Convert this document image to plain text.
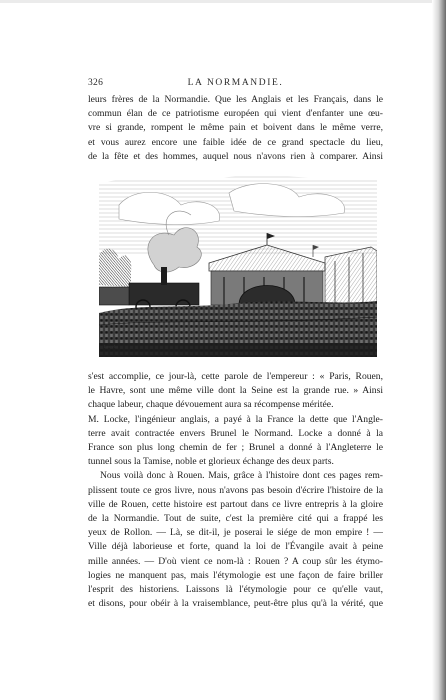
326	LA NORMANDIE.
leurs frères de la Normandie. Que les Anglais et les Français, dans le
commun élan de ce patriotisme européen qui vient d'enfanter une œu-
vre si grande, rompent le même pain et boivent dans le même verre,
et vous aurez encore une faible idée de ce grand spectacle du lieu,
de la fête et des hommes, auquel nous n'avons rien à comparer. Ainsi
Lancelot
s'est accomplie, ce jour-là, cette parole de l'empereur : « Paris, Rouen,
le Havre, sont une même ville dont la Seine est la grande rue. » Ainsi
chaque labeur, chaque dévouement aura sa récompense méritée.
M. Locke, l'ingénieur anglais, a payé à la France la dette que l'Angle-
terre avait contractée envers Brunel le Normand. Locke a donné à la
France son plus long chemin de fer ; Brunel a donné à l'Angleterre le
tunnel sous la Tamise, noble et glorieux échange des deux parts.
Nous voilà donc à Rouen. Mais, grâce à l'histoire dont ces pages rem-
plissent toute ce gros livre, nous n'avons pas besoin d'écrire l'histoire de la
ville de Rouen, cette histoire est partout dans ce livre entrepris à la gloire
de la Normandie. Tout de suite, c'est la première cité qui a frappé les
yeux de Rollon. — Là, se dit-il, je poserai le siége de mon empire ! —
Ville déjà laborieuse et forte, quand la loi de l'Évangile avait à peine
mille années. — D'où vient ce nom-là : Rouen ? A coup sûr les étymo-
logies ne manquent pas, mais l'étymologie est une façon de faire briller
l'esprit des historiens. Laissons là l'étymologie pour ce qu'elle vaut,
et disons, pour obéir à la vraisemblance, peut-être plus qu'à la vérité, que
